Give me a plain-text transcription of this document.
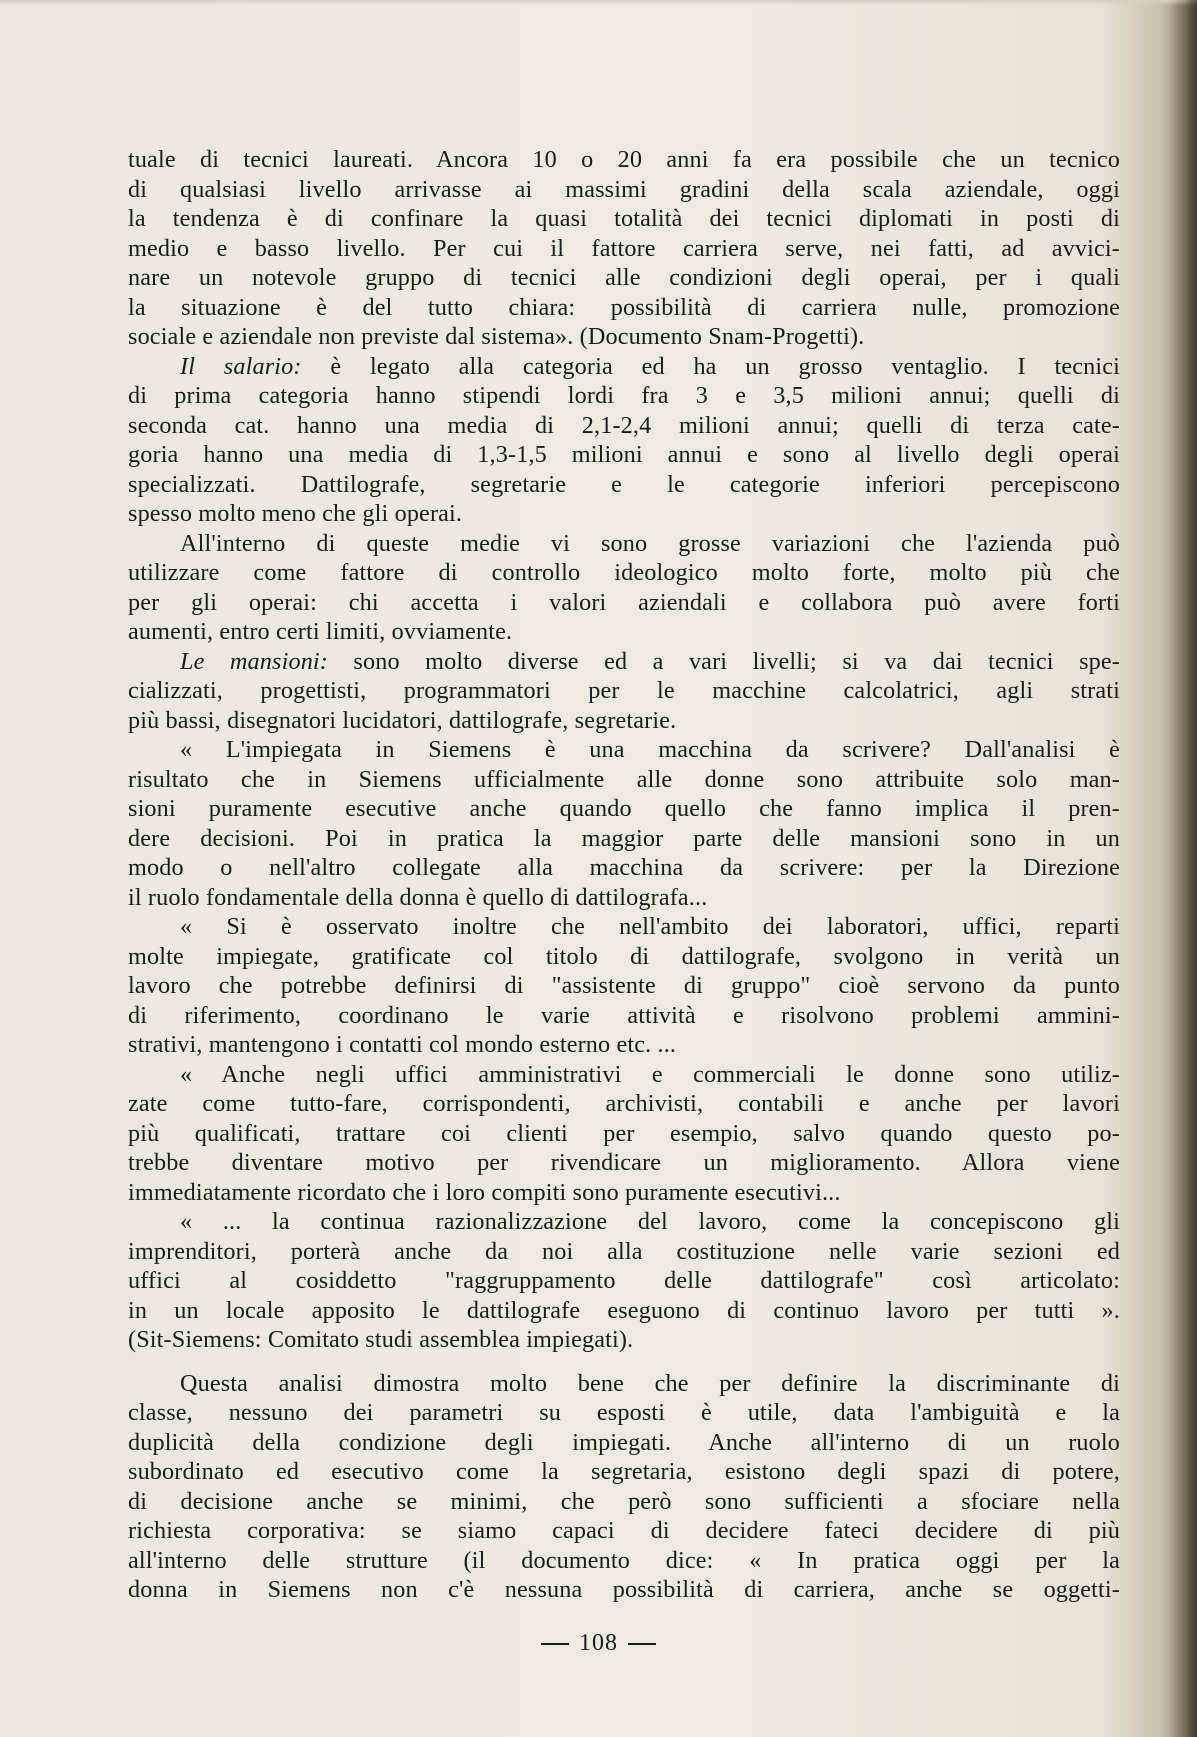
tuale di tecnici laureati. Ancora 10 o 20 anni fa era possibile che un tecnico
di qualsiasi livello arrivasse ai massimi gradini della scala aziendale, oggi
la tendenza è di confinare la quasi totalità dei tecnici diplomati in posti di
medio e basso livello. Per cui il fattore carriera serve, nei fatti, ad avvici-
nare un notevole gruppo di tecnici alle condizioni degli operai, per i quali
la situazione è del tutto chiara: possibilità di carriera nulle, promozione
sociale e aziendale non previste dal sistema». (Documento Snam-Progetti).

Il salario: è legato alla categoria ed ha un grosso ventaglio. I tecnici
di prima categoria hanno stipendi lordi fra 3 e 3,5 milioni annui; quelli di
seconda cat. hanno una media di 2,1-2,4 milioni annui; quelli di terza cate-
goria hanno una media di 1,3-1,5 milioni annui e sono al livello degli operai
specializzati. Dattilografe, segretarie e le categorie inferiori percepiscono
spesso molto meno che gli operai.

All'interno di queste medie vi sono grosse variazioni che l'azienda può
utilizzare come fattore di controllo ideologico molto forte, molto più che
per gli operai: chi accetta i valori aziendali e collabora può avere forti
aumenti, entro certi limiti, ovviamente.

Le mansioni: sono molto diverse ed a vari livelli; si va dai tecnici spe-
cializzati, progettisti, programmatori per le macchine calcolatrici, agli strati
più bassi, disegnatori lucidatori, dattilografe, segretarie.

« L'impiegata in Siemens è una macchina da scrivere? Dall'analisi è
risultato che in Siemens ufficialmente alle donne sono attribuite solo man-
sioni puramente esecutive anche quando quello che fanno implica il pren-
dere decisioni. Poi in pratica la maggior parte delle mansioni sono in un
modo o nell'altro collegate alla macchina da scrivere: per la Direzione
il ruolo fondamentale della donna è quello di dattilografa...

« Si è osservato inoltre che nell'ambito dei laboratori, uffici, reparti
molte impiegate, gratificate col titolo di dattilografe, svolgono in verità un
lavoro che potrebbe definirsi di "assistente di gruppo" cioè servono da punto
di riferimento, coordinano le varie attività e risolvono problemi ammini-
strativi, mantengono i contatti col mondo esterno etc. ...

« Anche negli uffici amministrativi e commerciali le donne sono utiliz-
zate come tutto-fare, corrispondenti, archivisti, contabili e anche per lavori
più qualificati, trattare coi clienti per esempio, salvo quando questo po-
trebbe diventare motivo per rivendicare un miglioramento. Allora viene
immediatamente ricordato che i loro compiti sono puramente esecutivi...

« ... la continua razionalizzazione del lavoro, come la concepiscono gli
imprenditori, porterà anche da noi alla costituzione nelle varie sezioni ed
uffici al cosiddetto "raggruppamento delle dattilografe" così articolato:
in un locale apposito le dattilografe eseguono di continuo lavoro per tutti ».
(Sit-Siemens: Comitato studi assemblea impiegati).

Questa analisi dimostra molto bene che per definire la discriminante di
classe, nessuno dei parametri su esposti è utile, data l'ambiguità e la
duplicità della condizione degli impiegati. Anche all'interno di un ruolo
subordinato ed esecutivo come la segretaria, esistono degli spazi di potere,
di decisione anche se minimi, che però sono sufficienti a sfociare nella
richiesta corporativa: se siamo capaci di decidere fateci decidere di più
all'interno delle strutture (il documento dice: « In pratica oggi per la
donna in Siemens non c'è nessuna possibilità di carriera, anche se oggetti-

108
